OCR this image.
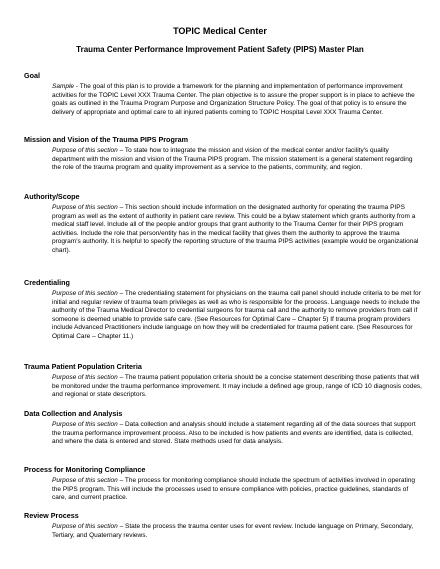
TOPIC Medical Center
Trauma Center Performance Improvement Patient Safety (PIPS) Master Plan
Goal
Sample - The goal of this plan is to provide a framework for the planning and implementation of performance improvement activities for the TOPIC Level XXX Trauma Center. The plan objective is to assure the proper support is in place to achieve the goals as outlined in the Trauma Program Purpose and Organization Structure Policy. The goal of that policy is to ensure the delivery of appropriate and optimal care to all injured patients coming to TOPIC Hospital Level XXX Trauma Center.
Mission and Vision of the Trauma PIPS Program
Purpose of this section – To state how to integrate the mission and vision of the medical center and/or facility's quality department with the mission and vision of the Trauma PIPS program. The mission statement is a general statement regarding the role of the trauma program and quality improvement as a service to the patients, community, and region.
Authority/Scope
Purpose of this section – This section should include information on the designated authority for operating the trauma PIPS program as well as the extent of authority in patient care review. This could be a bylaw statement which grants authority from a medical staff level. Include all of the people and/or groups that grant authority to the Trauma Center for their PIPS program activities. Include the role that person/entity has in the medical facility that gives them the authority to approve the trauma program's authority. It is helpful to specify the reporting structure of the trauma PIPS activities (example would be organizational chart).
Credentialing
Purpose of this section – The credentialing statement for physicians on the trauma call panel should include criteria to be met for initial and regular review of trauma team privileges as well as who is responsible for the process. Language needs to include the authority of the Trauma Medical Director to credential surgeons for trauma call and the authority to remove providers from call if someone is deemed unable to provide safe care. (See Resources for Optimal Care – Chapter 5) If trauma program providers include Advanced Practitioners include language on how they will be credentialed for trauma patient care. (See Resources for Optimal Care – Chapter 11.)
Trauma Patient Population Criteria
Purpose of this section – The trauma patient population criteria should be a concise statement describing those patients that will be monitored under the trauma performance improvement. It may include a defined age group, range of ICD 10 diagnosis codes, and regional or state descriptors.
Data Collection and Analysis
Purpose of this section – Data collection and analysis should include a statement regarding all of the data sources that support the trauma performance improvement process. Also to be included is how patients and events are identified, data is collected, and where the data is entered and stored. State methods used for data analysis.
Process for Monitoring Compliance
Purpose of this section – The process for monitoring compliance should include the spectrum of activities involved in operating the PIPS program. This will include the processes used to ensure compliance with policies, practice guidelines, standards of care, and current practice.
Review Process
Purpose of this section – State the process the trauma center uses for event review. Include language on Primary, Secondary, Tertiary, and Quaternary reviews.
